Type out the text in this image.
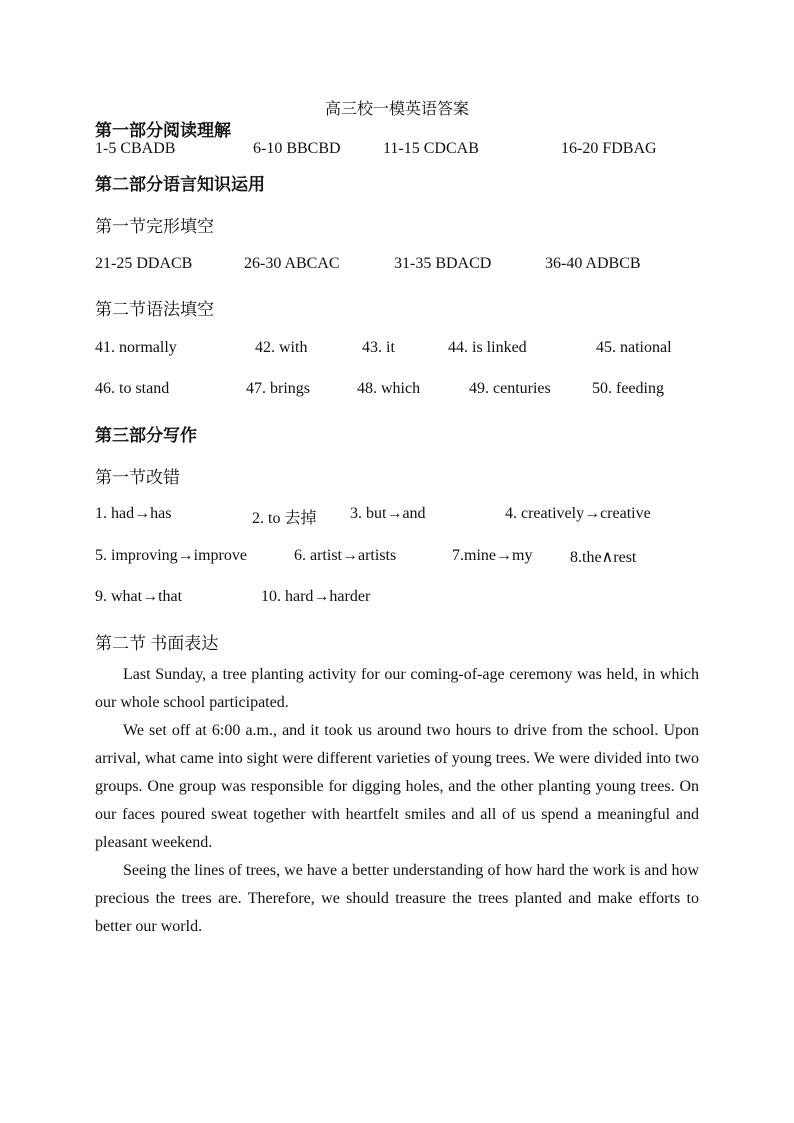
高三校一模英语答案
第一部分阅读理解
1-5 CBADB	6-10 BBCBD	11-15 CDCAB	16-20 FDBAG
第二部分语言知识运用
第一节完形填空
21-25 DDACB	26-30 ABCAC	31-35 BDACD	36-40 ADBCB
第二节语法填空
41. normally	42. with	43. it	44. is linked	45. national
46. to stand	47. brings	48. which	49. centuries	50. feeding
第三部分写作
第一节改错
1. had→has	2. to 去掉 3. but→and	4. creatively→creative
5. improving→improve	6. artist→artists	7.mine→my 8.the∧rest
9. what→that	10. hard→harder
第二节 书面表达

Last Sunday, a tree planting activity for our coming-of-age ceremony was held, in which our whole school participated.

We set off at 6:00 a.m., and it took us around two hours to drive from the school. Upon arrival, what came into sight were different varieties of young trees. We were divided into two groups. One group was responsible for digging holes, and the other planting young trees. On our faces poured sweat together with heartfelt smiles and all of us spend a meaningful and pleasant weekend.

Seeing the lines of trees, we have a better understanding of how hard the work is and how precious the trees are. Therefore, we should treasure the trees planted and make efforts to better our world.
